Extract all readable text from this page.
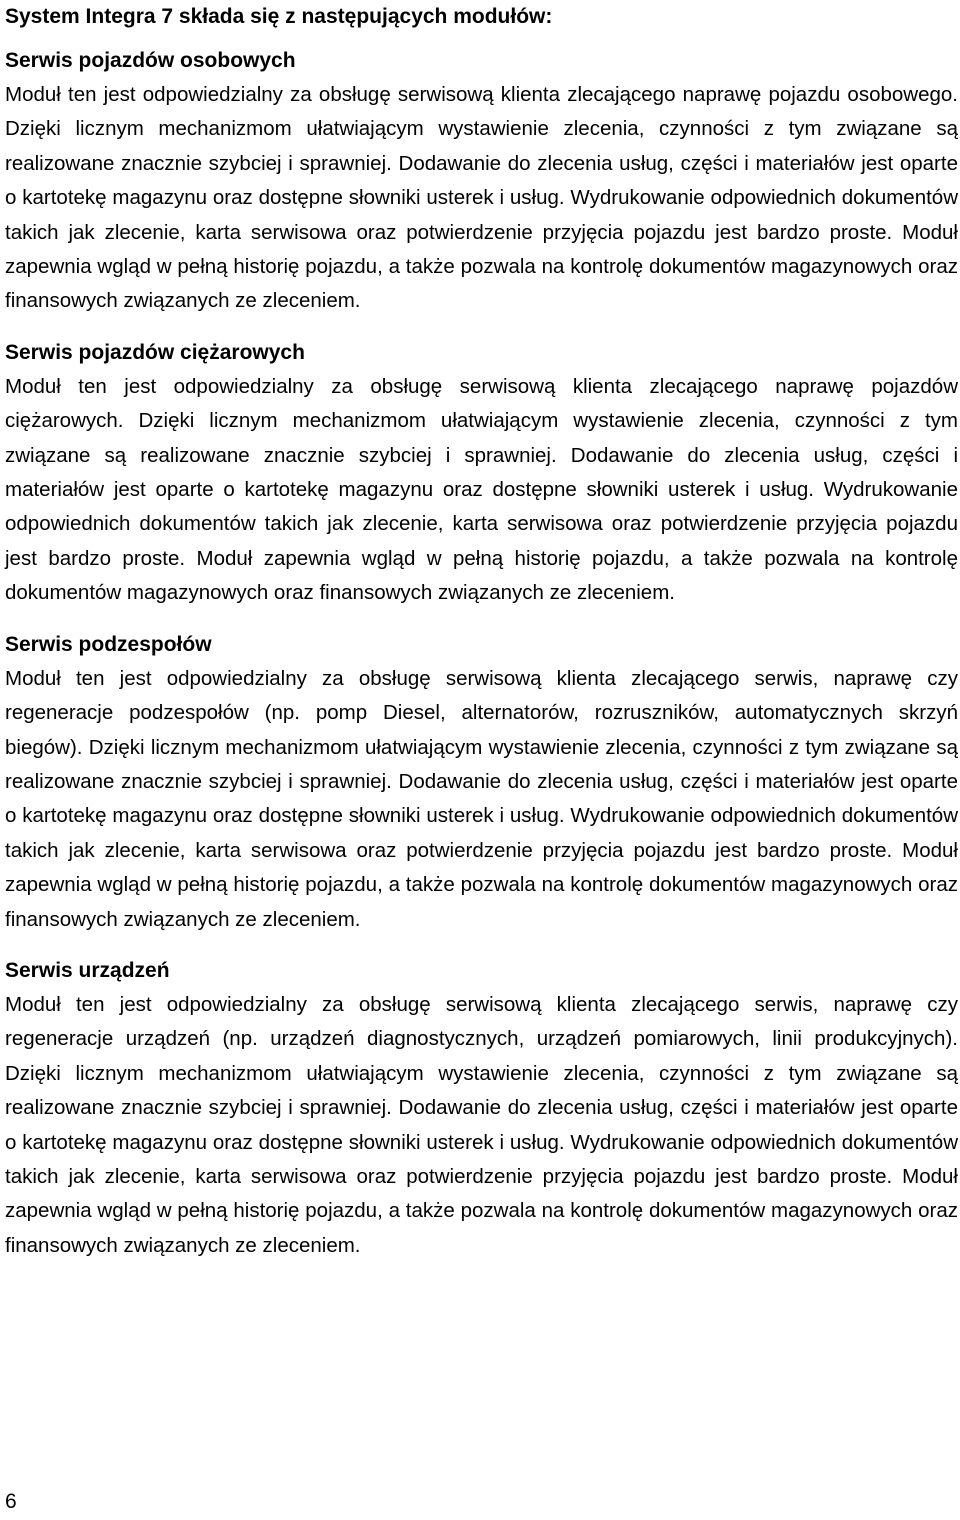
System Integra 7 składa się z następujących modułów:
Serwis pojazdów osobowych

Moduł ten jest odpowiedzialny za obsługę serwisową klienta zlecającego naprawę pojazdu osobowego. Dzięki licznym mechanizmom ułatwiającym wystawienie zlecenia, czynności z tym związane są realizowane znacznie szybciej i sprawniej. Dodawanie do zlecenia usług, części i materiałów jest oparte o kartotekę magazynu oraz dostępne słowniki usterek i usług. Wydrukowanie odpowiednich dokumentów takich jak zlecenie, karta serwisowa oraz potwierdzenie przyjęcia pojazdu jest bardzo proste. Moduł zapewnia wgląd w pełną historię pojazdu, a także pozwala na kontrolę dokumentów magazynowych oraz finansowych związanych ze zleceniem.

Serwis pojazdów ciężarowych

Moduł ten jest odpowiedzialny za obsługę serwisową klienta zlecającego naprawę pojazdów ciężarowych. Dzięki licznym mechanizmom ułatwiającym wystawienie zlecenia, czynności z tym związane są realizowane znacznie szybciej i sprawniej. Dodawanie do zlecenia usług, części i materiałów jest oparte o kartotekę magazynu oraz dostępne słowniki usterek i usług. Wydrukowanie odpowiednich dokumentów takich jak zlecenie, karta serwisowa oraz potwierdzenie przyjęcia pojazdu jest bardzo proste. Moduł zapewnia wgląd w pełną historię pojazdu, a także pozwala na kontrolę dokumentów magazynowych oraz finansowych związanych ze zleceniem.

Serwis podzespołów

Moduł ten jest odpowiedzialny za obsługę serwisową klienta zlecającego serwis, naprawę czy regeneracje podzespołów (np. pomp Diesel, alternatorów, rozruszników, automatycznych skrzyń biegów). Dzięki licznym mechanizmom ułatwiającym wystawienie zlecenia, czynności z tym związane są realizowane znacznie szybciej i sprawniej. Dodawanie do zlecenia usług, części i materiałów jest oparte o kartotekę magazynu oraz dostępne słowniki usterek i usług. Wydrukowanie odpowiednich dokumentów takich jak zlecenie, karta serwisowa oraz potwierdzenie przyjęcia pojazdu jest bardzo proste. Moduł zapewnia wgląd w pełną historię pojazdu, a także pozwala na kontrolę dokumentów magazynowych oraz finansowych związanych ze zleceniem.

Serwis urządzeń

Moduł ten jest odpowiedzialny za obsługę serwisową klienta zlecającego serwis, naprawę czy regeneracje urządzeń (np. urządzeń diagnostycznych, urządzeń pomiarowych, linii produkcyjnych). Dzięki licznym mechanizmom ułatwiającym wystawienie zlecenia, czynności z tym związane są realizowane znacznie szybciej i sprawniej. Dodawanie do zlecenia usług, części i materiałów jest oparte o kartotekę magazynu oraz dostępne słowniki usterek i usług. Wydrukowanie odpowiednich dokumentów takich jak zlecenie, karta serwisowa oraz potwierdzenie przyjęcia pojazdu jest bardzo proste. Moduł zapewnia wgląd w pełną historię pojazdu, a także pozwala na kontrolę dokumentów magazynowych oraz finansowych związanych ze zleceniem.

6
